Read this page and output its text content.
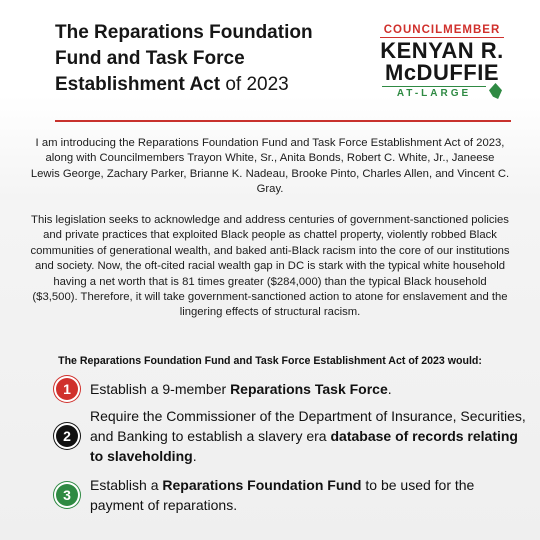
The Reparations Foundation
Fund and Task Force
Establishment Act of 2023
COUNCILMEMBER
KENYAN R.
McDUFFIE
AT-LARGE
I am introducing the Reparations Foundation Fund and Task Force Establishment Act of 2023, along with Councilmembers Trayon White, Sr., Anita Bonds, Robert C. White, Jr., Janeese Lewis George, Zachary Parker, Brianne K. Nadeau, Brooke Pinto, Charles Allen, and Vincent C. Gray.
This legislation seeks to acknowledge and address centuries of government-sanctioned policies and private practices that exploited Black people as chattel property, violently robbed Black communities of generational wealth, and baked anti-Black racism into the core of our institutions and society. Now, the oft-cited racial wealth gap in DC is stark with the typical white household having a net worth that is 81 times greater ($284,000) than the typical Black household ($3,500). Therefore, it will take government-sanctioned action to atone for enslavement and the lingering effects of structural racism.
The Reparations Foundation Fund and Task Force Establishment Act of 2023 would:
1	Establish a 9-member Reparations Task Force.
2
Require the Commissioner of the Department of Insurance, Securities, and Banking to establish a slavery era database of records relating to slaveholding.
3
Establish a Reparations Foundation Fund to be used for the payment of reparations.
